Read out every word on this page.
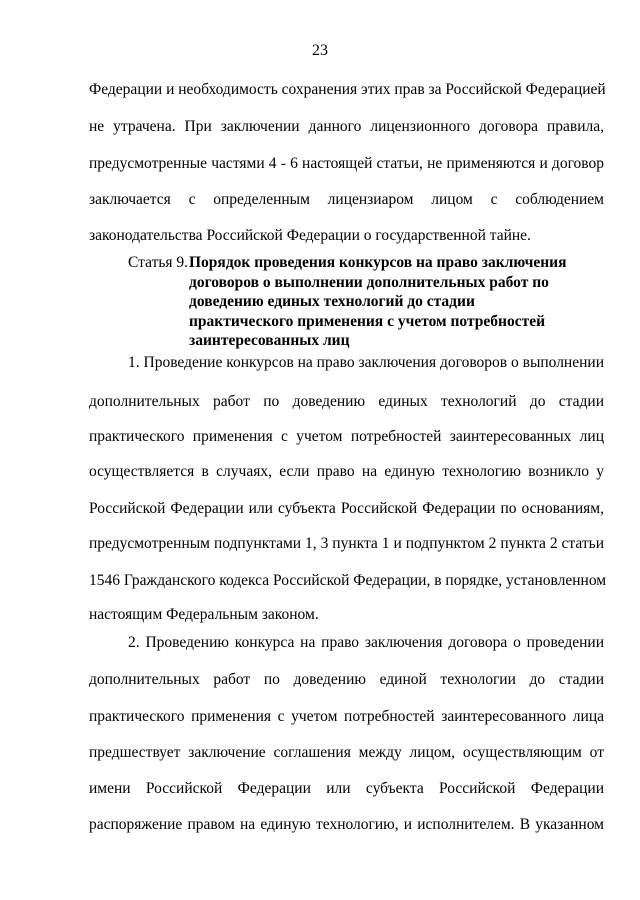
23
Федерации и необходимость сохранения этих прав за Российской Федерацией
не утрачена. При заключении данного лицензионного договора правила,
предусмотренные частями 4 - 6 настоящей статьи, не применяются и договор
заключается с определенным лицензиаром лицом с соблюдением
законодательства Российской Федерации о государственной тайне.
Статья 9. Порядок проведения конкурсов на право заключения
договоров о выполнении дополнительных работ по
доведению единых технологий до стадии
практического применения с учетом потребностей
заинтересованных лиц
1. Проведение конкурсов на право заключения договоров о выполнении
дополнительных работ по доведению единых технологий до стадии
практического применения с учетом потребностей заинтересованных лиц
осуществляется в случаях, если право на единую технологию возникло у
Российской Федерации или субъекта Российской Федерации по основаниям,
предусмотренным подпунктами 1, 3 пункта 1 и подпунктом 2 пункта 2 статьи
1546 Гражданского кодекса Российской Федерации, в порядке, установленном
настоящим Федеральным законом.
2. Проведению конкурса на право заключения договора о проведении
дополнительных работ по доведению единой технологии до стадии
практического применения с учетом потребностей заинтересованного лица
предшествует заключение соглашения между лицом, осуществляющим от
имени Российской Федерации или субъекта Российской Федерации
распоряжение правом на единую технологию, и исполнителем. В указанном
